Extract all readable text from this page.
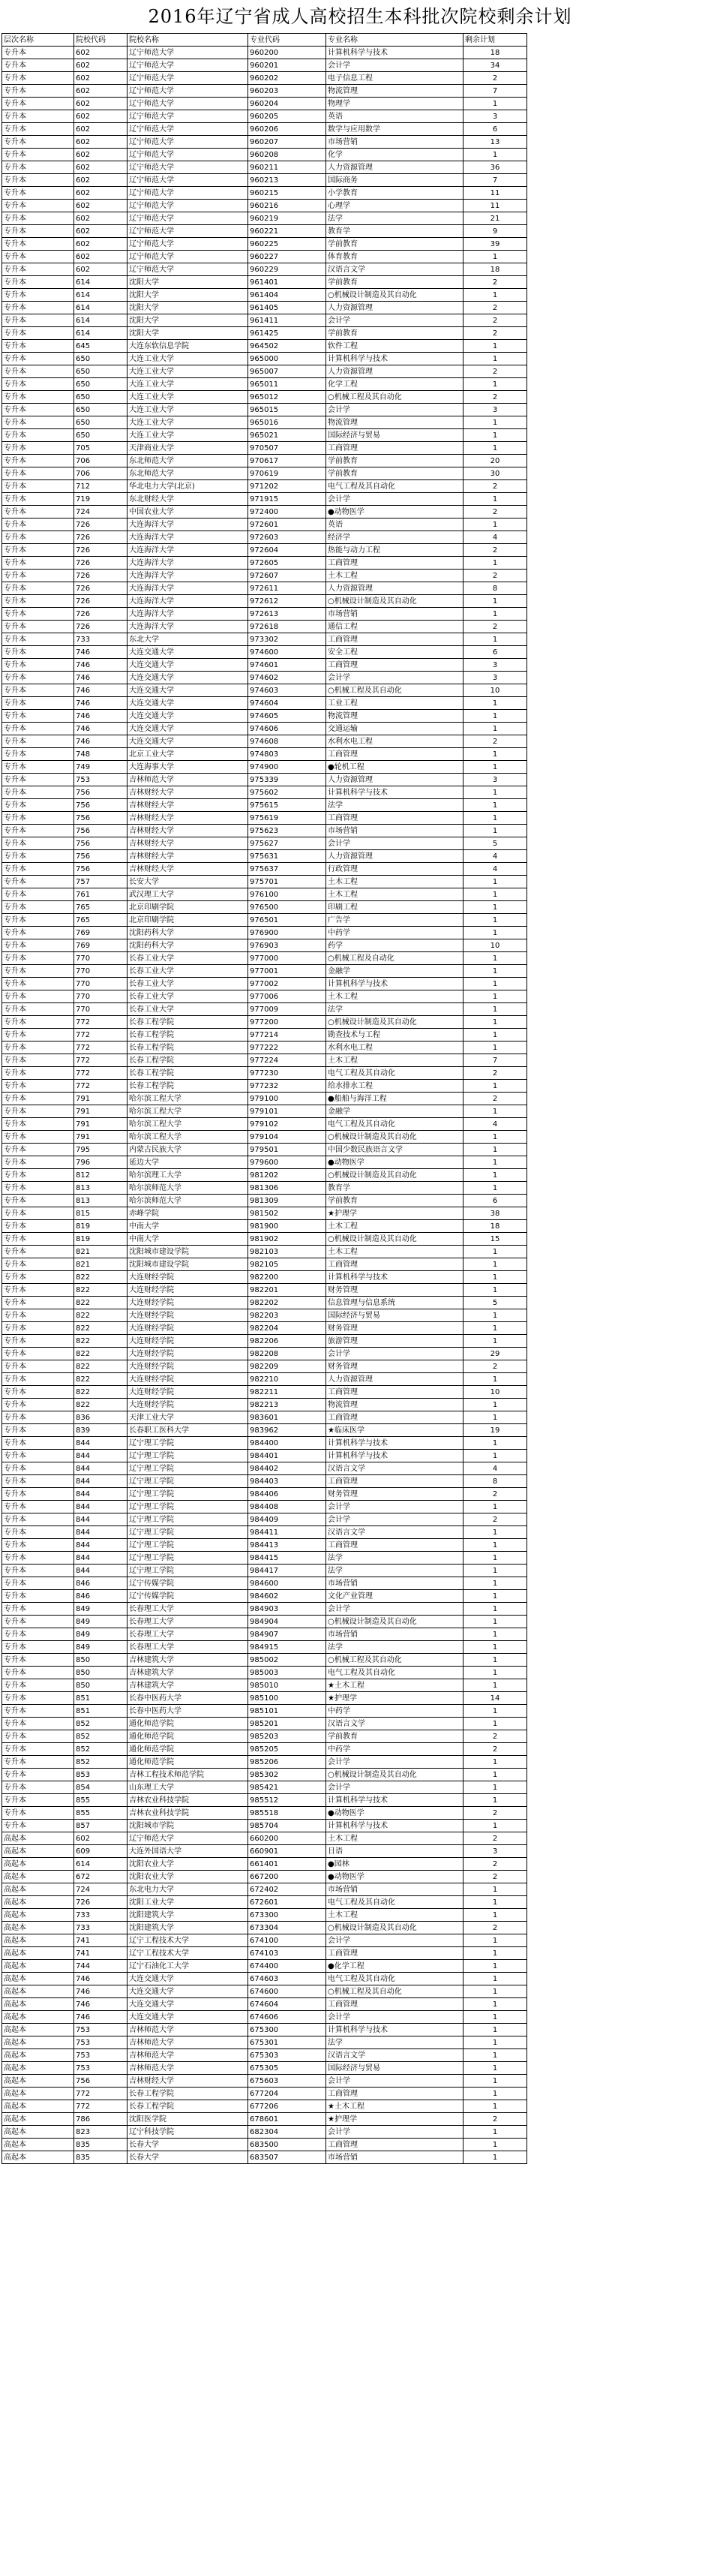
2016年辽宁省成人高校招生本科批次院校剩余计划
层次名称	院校代码	院校名称	专业代码	专业名称	剩余计划
专升本	602	辽宁师范大学	960200	计算机科学与技术	18
专升本	602	辽宁师范大学	960201	会计学	34
专升本	602	辽宁师范大学	960202	电子信息工程	2
专升本	602	辽宁师范大学	960203	物流管理	7
专升本	602	辽宁师范大学	960204	物理学	1
专升本	602	辽宁师范大学	960205	英语	3
专升本	602	辽宁师范大学	960206	数学与应用数学	6
专升本	602	辽宁师范大学	960207	市场营销	13
专升本	602	辽宁师范大学	960208	化学	1
专升本	602	辽宁师范大学	960211	人力资源管理	36
专升本	602	辽宁师范大学	960213	国际商务	7
专升本	602	辽宁师范大学	960215	小学教育	11
专升本	602	辽宁师范大学	960216	心理学	11
专升本	602	辽宁师范大学	960219	法学	21
专升本	602	辽宁师范大学	960221	教育学	9
专升本	602	辽宁师范大学	960225	学前教育	39
专升本	602	辽宁师范大学	960227	体育教育	1
专升本	602	辽宁师范大学	960229	汉语言文学	18
专升本	614	沈阳大学	961401	学前教育	2
专升本	614	沈阳大学	961404	○机械设计制造及其自动化	1
专升本	614	沈阳大学	961405	人力资源管理	2
专升本	614	沈阳大学	961411	会计学	2
专升本	614	沈阳大学	961425	学前教育	2
专升本	645	大连东软信息学院	964502	软件工程	1
专升本	650	大连工业大学	965000	计算机科学与技术	1
专升本	650	大连工业大学	965007	人力资源管理	2
专升本	650	大连工业大学	965011	化学工程	1
专升本	650	大连工业大学	965012	○机械工程及其自动化	2
专升本	650	大连工业大学	965015	会计学	3
专升本	650	大连工业大学	965016	物流管理	1
专升本	650	大连工业大学	965021	国际经济与贸易	1
专升本	705	天津商业大学	970507	工商管理	1
专升本	706	东北师范大学	970617	学前教育	20
专升本	706	东北师范大学	970619	学前教育	30
专升本	712	华北电力大学(北京)	971202	电气工程及其自动化	2
专升本	719	东北财经大学	971915	会计学	1
专升本	724	中国农业大学	972400	●动物医学	2
专升本	726	大连海洋大学	972601	英语	1
专升本	726	大连海洋大学	972603	经济学	4
专升本	726	大连海洋大学	972604	热能与动力工程	2
专升本	726	大连海洋大学	972605	工商管理	1
专升本	726	大连海洋大学	972607	土木工程	2
专升本	726	大连海洋大学	972611	人力资源管理	8
专升本	726	大连海洋大学	972612	○机械设计制造及其自动化	1
专升本	726	大连海洋大学	972613	市场营销	1
专升本	726	大连海洋大学	972618	通信工程	2
专升本	733	东北大学	973302	工商管理	1
专升本	746	大连交通大学	974600	安全工程	6
专升本	746	大连交通大学	974601	工商管理	3
专升本	746	大连交通大学	974602	会计学	3
专升本	746	大连交通大学	974603	○机械工程及其自动化	10
专升本	746	大连交通大学	974604	工业工程	1
专升本	746	大连交通大学	974605	物流管理	1
专升本	746	大连交通大学	974606	交通运输	1
专升本	746	大连交通大学	974608	水利水电工程	2
专升本	748	北京工业大学	974803	工商管理	1
专升本	749	大连海事大学	974900	●轮机工程	1
专升本	753	吉林师范大学	975339	人力资源管理	3
专升本	756	吉林财经大学	975602	计算机科学与技术	1
专升本	756	吉林财经大学	975615	法学	1
专升本	756	吉林财经大学	975619	工商管理	1
专升本	756	吉林财经大学	975623	市场营销	1
专升本	756	吉林财经大学	975627	会计学	5
专升本	756	吉林财经大学	975631	人力资源管理	4
专升本	756	吉林财经大学	975637	行政管理	4
专升本	757	长安大学	975701	土木工程	1
专升本	761	武汉理工大学	976100	土木工程	1
专升本	765	北京印刷学院	976500	印刷工程	1
专升本	765	北京印刷学院	976501	广告学	1
专升本	769	沈阳药科大学	976900	中药学	1
专升本	769	沈阳药科大学	976903	药学	10
专升本	770	长春工业大学	977000	○机械工程及自动化	1
专升本	770	长春工业大学	977001	金融学	1
专升本	770	长春工业大学	977002	计算机科学与技术	1
专升本	770	长春工业大学	977006	土木工程	1
专升本	770	长春工业大学	977009	法学	1
专升本	772	长春工程学院	977200	○机械设计制造及其自动化	1
专升本	772	长春工程学院	977214	勘查技术与工程	1
专升本	772	长春工程学院	977222	水利水电工程	1
专升本	772	长春工程学院	977224	土木工程	7
专升本	772	长春工程学院	977230	电气工程及其自动化	2
专升本	772	长春工程学院	977232	给水排水工程	1
专升本	791	哈尔滨工程大学	979100	●船舶与海洋工程	2
专升本	791	哈尔滨工程大学	979101	金融学	1
专升本	791	哈尔滨工程大学	979102	电气工程及其自动化	4
专升本	791	哈尔滨工程大学	979104	○机械设计制造及其自动化	1
专升本	795	内蒙古民族大学	979501	中国少数民族语言文学	1
专升本	796	延边大学	979600	●动物医学	1
专升本	812	哈尔滨理工大学	981202	○机械设计制造及其自动化	1
专升本	813	哈尔滨师范大学	981306	教育学	1
专升本	813	哈尔滨师范大学	981309	学前教育	6
专升本	815	赤峰学院	981502	★护理学	38
专升本	819	中南大学	981900	土木工程	18
专升本	819	中南大学	981902	○机械设计制造及其自动化	15
专升本	821	沈阳城市建设学院	982103	土木工程	1
专升本	821	沈阳城市建设学院	982105	工商管理	1
专升本	822	大连财经学院	982200	计算机科学与技术	1
专升本	822	大连财经学院	982201	财务管理	1
专升本	822	大连财经学院	982202	信息管理与信息系统	5
专升本	822	大连财经学院	982203	国际经济与贸易	1
专升本	822	大连财经学院	982204	财务管理	1
专升本	822	大连财经学院	982206	旅游管理	1
专升本	822	大连财经学院	982208	会计学	29
专升本	822	大连财经学院	982209	财务管理	2
专升本	822	大连财经学院	982210	人力资源管理	1
专升本	822	大连财经学院	982211	工商管理	10
专升本	822	大连财经学院	982213	物流管理	1
专升本	836	天津工业大学	983601	工商管理	1
专升本	839	长春职工医科大学	983962	★临床医学	19
专升本	844	辽宁理工学院	984400	计算机科学与技术	1
专升本	844	辽宁理工学院	984401	计算机科学与技术	1
专升本	844	辽宁理工学院	984402	汉语言文学	4
专升本	844	辽宁理工学院	984403	工商管理	8
专升本	844	辽宁理工学院	984406	财务管理	2
专升本	844	辽宁理工学院	984408	会计学	1
专升本	844	辽宁理工学院	984409	会计学	2
专升本	844	辽宁理工学院	984411	汉语言文学	1
专升本	844	辽宁理工学院	984413	工商管理	1
专升本	844	辽宁理工学院	984415	法学	1
专升本	844	辽宁理工学院	984417	法学	1
专升本	846	辽宁传媒学院	984600	市场营销	1
专升本	846	辽宁传媒学院	984602	文化产业管理	1
专升本	849	长春理工大学	984903	会计学	1
专升本	849	长春理工大学	984904	○机械设计制造及其自动化	1
专升本	849	长春理工大学	984907	市场营销	1
专升本	849	长春理工大学	984915	法学	1
专升本	850	吉林建筑大学	985002	○机械工程及其自动化	1
专升本	850	吉林建筑大学	985003	电气工程及其自动化	1
专升本	850	吉林建筑大学	985010	★土木工程	1
专升本	851	长春中医药大学	985100	★护理学	14
专升本	851	长春中医药大学	985101	中药学	1
专升本	852	通化师范学院	985201	汉语言文学	1
专升本	852	通化师范学院	985203	学前教育	2
专升本	852	通化师范学院	985205	中药学	2
专升本	852	通化师范学院	985206	会计学	1
专升本	853	吉林工程技术师范学院	985302	○机械设计制造及其自动化	1
专升本	854	山东理工大学	985421	会计学	1
专升本	855	吉林农业科技学院	985512	计算机科学与技术	1
专升本	855	吉林农业科技学院	985518	●动物医学	2
专升本	857	沈阳城市学院	985704	计算机科学与技术	1
高起本	602	辽宁师范大学	660200	土木工程	2
高起本	609	大连外国语大学	660901	日语	3
高起本	614	沈阳农业大学	661401	●园林	2
高起本	672	沈阳农业大学	667200	●动物医学	2
高起本	724	东北电力大学	672402	市场营销	1
高起本	726	沈阳工业大学	672601	电气工程及其自动化	1
高起本	733	沈阳建筑大学	673300	土木工程	1
高起本	733	沈阳建筑大学	673304	○机械设计制造及其自动化	2
高起本	741	辽宁工程技术大学	674100	会计学	1
高起本	741	辽宁工程技术大学	674103	工商管理	1
高起本	744	辽宁石油化工大学	674400	●化学工程	1
高起本	746	大连交通大学	674603	电气工程及其自动化	1
高起本	746	大连交通大学	674600	○机械工程及其自动化	1
高起本	746	大连交通大学	674604	工商管理	1
高起本	746	大连交通大学	674606	会计学	1
高起本	753	吉林师范大学	675300	计算机科学与技术	1
高起本	753	吉林师范大学	675301	法学	1
高起本	753	吉林师范大学	675303	汉语言文学	1
高起本	753	吉林师范大学	675305	国际经济与贸易	1
高起本	756	吉林财经大学	675603	会计学	1
高起本	772	长春工程学院	677204	工商管理	1
高起本	772	长春工程学院	677206	★土木工程	1
高起本	786	沈阳医学院	678601	★护理学	2
高起本	823	辽宁科技学院	682304	会计学	1
高起本	835	长春大学	683500	工商管理	1
高起本	835	长春大学	683507	市场营销	1
